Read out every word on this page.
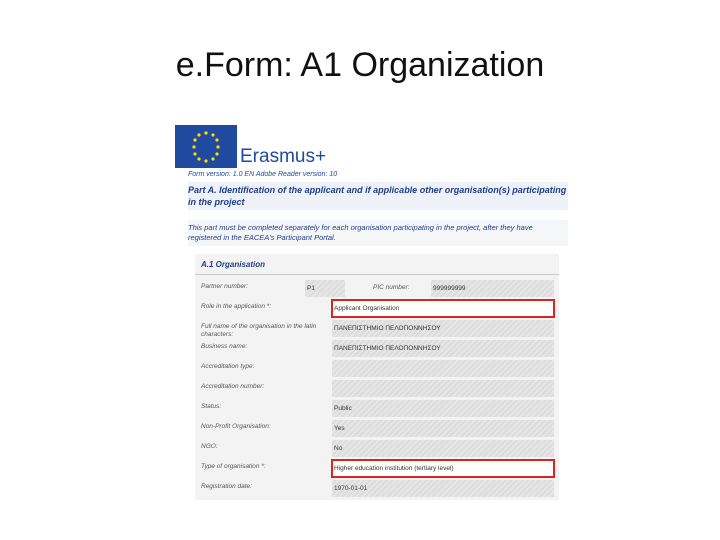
e.Form: A1 Organization
Erasmus+
Form version: 1.0 EN Adobe Reader version: 10
Part A. Identification of the applicant and if applicable other organisation(s) participating in the project
This part must be completed separately for each organisation participating in the project, after they have registered in the EACEA's Participant Portal.
A.1 Organisation
Partner number:	P1	PIC number:	999999999
Role in the application *:	Applicant Organisation
Full name of the organisation in the latin characters:
ΠΑΝΕΠΙΣΤΗΜΙΟ ΠΕΛΟΠΟΝΝΗΣΟΥ
Business name:	ΠΑΝΕΠΙΣΤΗΜΙΟ ΠΕΛΟΠΟΝΝΗΣΟΥ
Accreditation type:
Accreditation number:
Status:	Public
Non-Profit Organisation:	Yes
NGO:	No
Type of organisation *:	Higher education institution (tertiary level)
Registration date:	1970-01-01
